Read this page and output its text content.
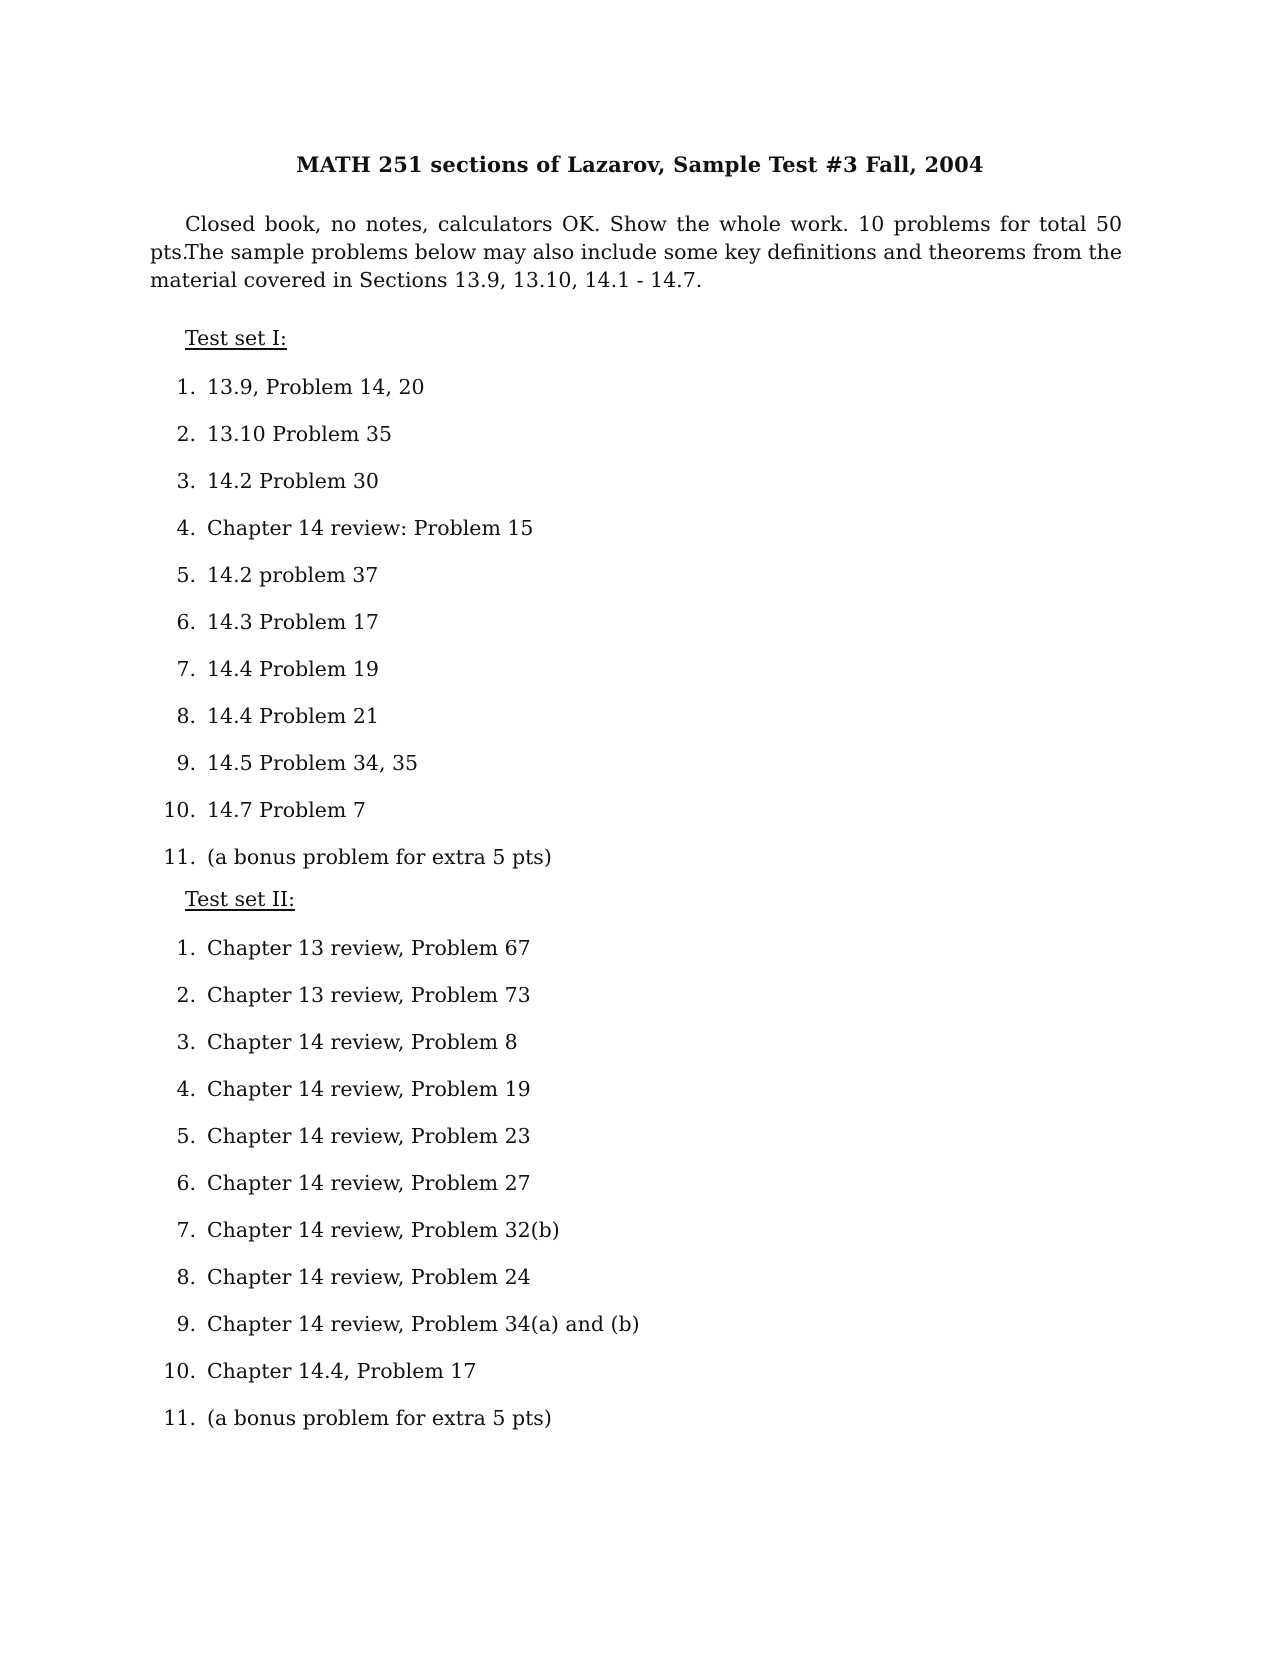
MATH 251 sections of Lazarov, Sample Test #3 Fall, 2004
Closed book, no notes, calculators OK. Show the whole work. 10 problems for total 50 pts.
The sample problems below may also include some key definitions and theorems from the material covered in Sections 13.9, 13.10, 14.1 - 14.7.
Test set I:
1. 13.9, Problem 14, 20
2. 13.10 Problem 35
3. 14.2 Problem 30
4. Chapter 14 review: Problem 15
5. 14.2 problem 37
6. 14.3 Problem 17
7. 14.4 Problem 19
8. 14.4 Problem 21
9. 14.5 Problem 34, 35
10. 14.7 Problem 7
11. (a bonus problem for extra 5 pts)
Test set II:
1. Chapter 13 review, Problem 67
2. Chapter 13 review, Problem 73
3. Chapter 14 review, Problem 8
4. Chapter 14 review, Problem 19
5. Chapter 14 review, Problem 23
6. Chapter 14 review, Problem 27
7. Chapter 14 review, Problem 32(b)
8. Chapter 14 review, Problem 24
9. Chapter 14 review, Problem 34(a) and (b)
10. Chapter 14.4, Problem 17
11. (a bonus problem for extra 5 pts)
